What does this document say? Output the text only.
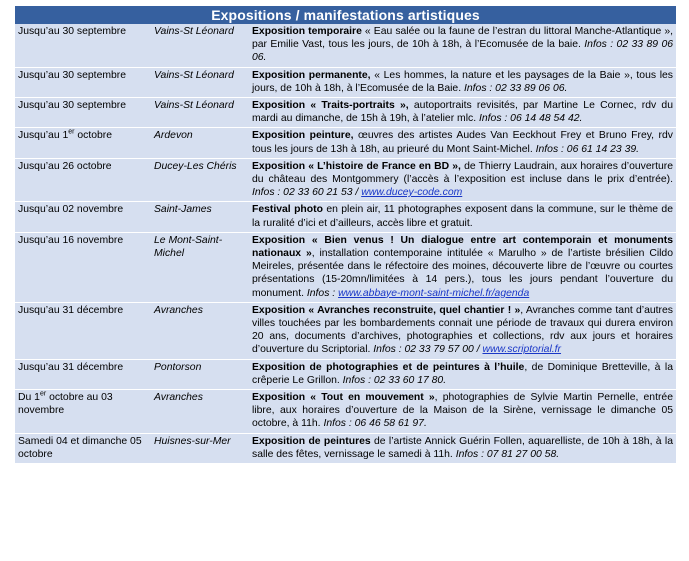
Expositions / manifestations artistiques
Jusqu’au 30 septembre	Vains-St Léonard	Exposition temporaire « Eau salée ou la faune de l’estran du littoral Manche-Atlantique », par Emilie Vast, tous les jours, de 10h à 18h, à l’Ecomusée de la baie. Infos : 02 33 89 06 06.
Jusqu’au 30 septembre	Vains-St Léonard	Exposition permanente, « Les hommes, la nature et les paysages de la Baie », tous les jours, de 10h à 18h, à l’Ecomusée de la Baie. Infos : 02 33 89 06 06.
Jusqu’au 30 septembre	Vains-St Léonard	Exposition « Traits-portraits », autoportraits revisités, par Martine Le Cornec, rdv du mardi au dimanche, de 15h à 19h, à l’atelier mlc. Infos : 06 14 48 54 42.
Jusqu’au 1er octobre	Ardevon	Exposition peinture, œuvres des artistes Audes Van Eeckhout Frey et Bruno Frey, rdv tous les jours de 13h à 18h, au prieuré du Mont Saint-Michel. Infos : 06 61 14 23 39.
Jusqu’au 26 octobre	Ducey-Les Chéris	Exposition « L’histoire de France en BD », de Thierry Laudrain, aux horaires d’ouverture du château des Montgommery (l’accès à l’exposition est incluse dans le prix d’entrée). Infos : 02 33 60 21 53 / www.ducey-code.com
Jusqu’au 02 novembre	Saint-James	Festival photo en plein air, 11 photographes exposent dans la commune, sur le thème de la ruralité d’ici et d’ailleurs, accès libre et gratuit.
Jusqu’au 16 novembre	Le Mont-Saint-Michel	Exposition « Bien venus ! Un dialogue entre art contemporain et monuments nationaux », installation contemporaine intitulée « Marulho » de l’artiste brésilien Cildo Meireles, présentée dans le réfectoire des moines, découverte libre de l’œuvre ou courtes présentations (15-20mn/limitées à 14 pers.), tous les jours pendant l’ouverture du monument. Infos : www.abbaye-mont-saint-michel.fr/agenda
Jusqu’au 31 décembre	Avranches	Exposition « Avranches reconstruite, quel chantier ! », Avranches comme tant d’autres villes touchées par les bombardements connait une période de travaux qui durera environ 20 ans, documents d’archives, photographies et collections, rdv aux jours et horaires d’ouverture du Scriptorial. Infos : 02 33 79 57 00 / www.scriptorial.fr
Jusqu’au 31 décembre	Pontorson	Exposition de photographies et de peintures à l’huile, de Dominique Bretteville, à la crêperie Le Grillon. Infos : 02 33 60 17 80.
Du 1er octobre au 03 novembre	Avranches	Exposition « Tout en mouvement », photographies de Sylvie Martin Pernelle, entrée libre, aux horaires d’ouverture de la Maison de la Sirène, vernissage le dimanche 05 octobre, à 11h. Infos : 06 46 58 61 97.
Samedi 04 et dimanche 05 octobre	Huisnes-sur-Mer	Exposition de peintures de l’artiste Annick Guérin Follen, aquarelliste, de 10h à 18h, à la salle des fêtes, vernissage le samedi à 11h. Infos : 07 81 27 00 58.
